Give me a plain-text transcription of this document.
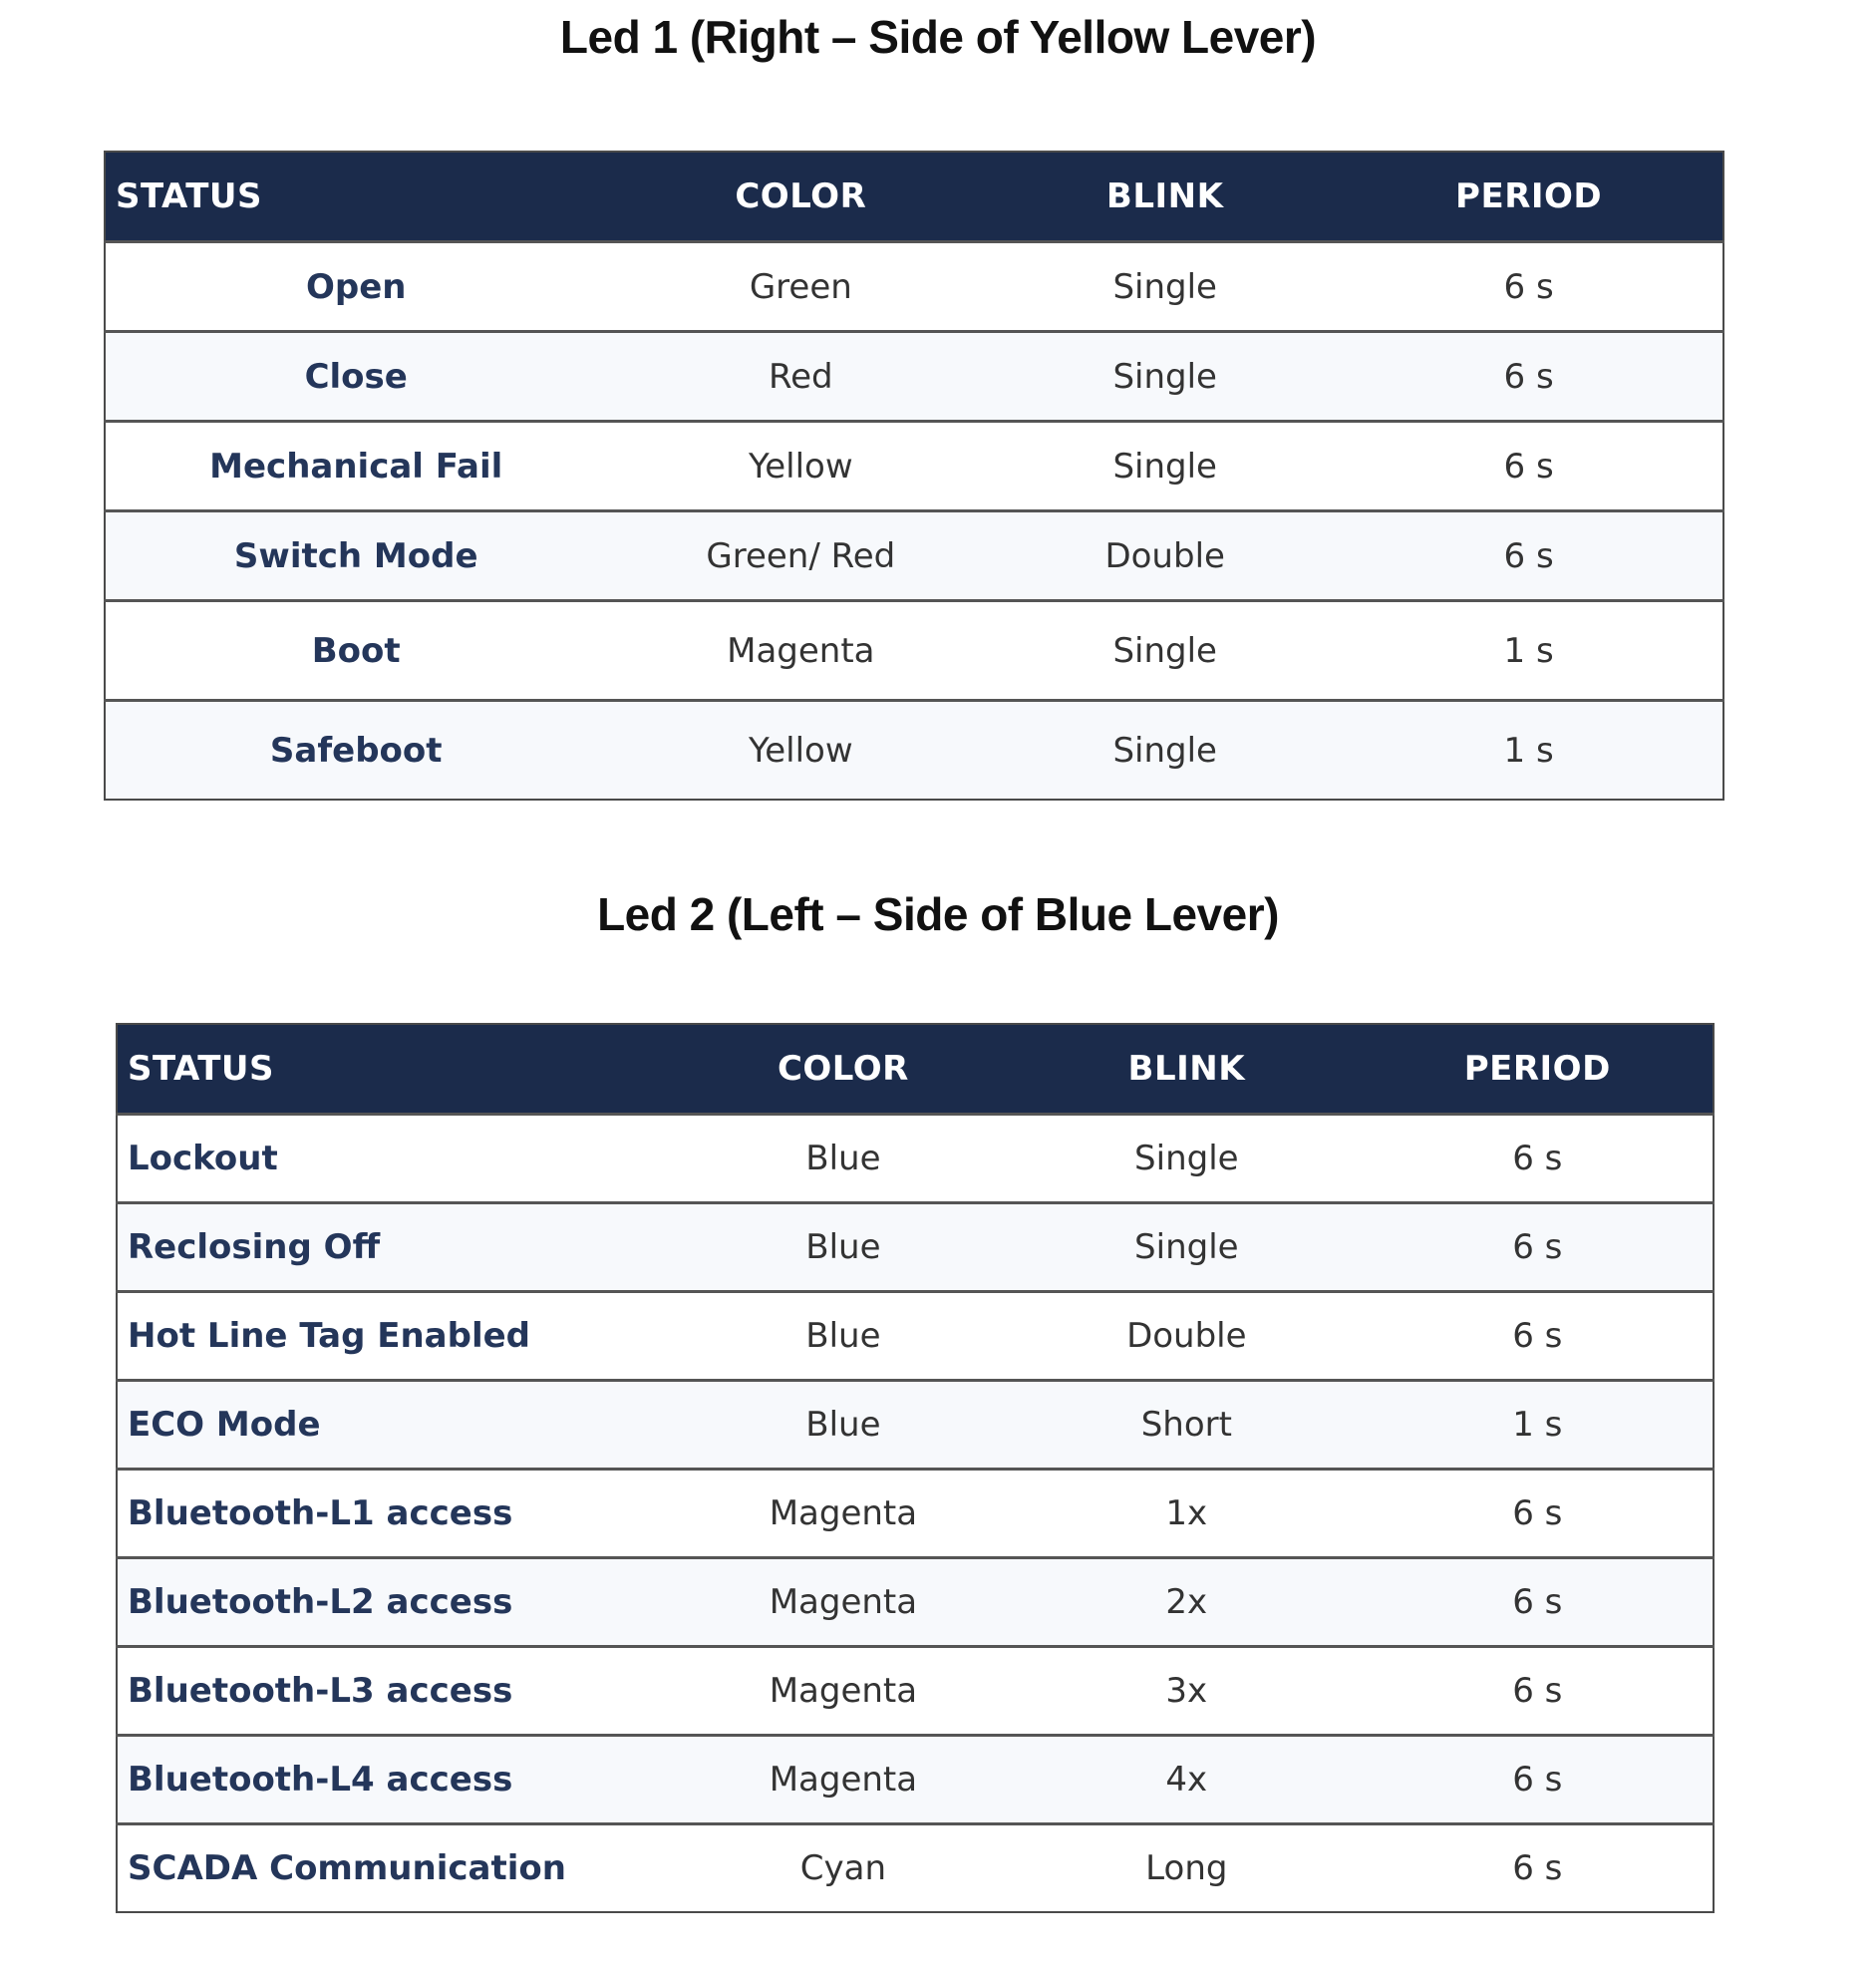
Led 1 (Right – Side of Yellow Lever)
STATUS	COLOR	BLINK	PERIOD
Open	Green	Single	6 s
Close	Red	Single	6 s
Mechanical Fail	Yellow	Single	6 s
Switch Mode	Green/ Red	Double	6 s
Boot	Magenta	Single	1 s
Safeboot	Yellow	Single	1 s
Led 2 (Left – Side of Blue Lever)
STATUS	COLOR	BLINK	PERIOD
Lockout	Blue	Single	6 s
Reclosing Off	Blue	Single	6 s
Hot Line Tag Enabled	Blue	Double	6 s
ECO Mode	Blue	Short	1 s
Bluetooth-L1 access	Magenta	1x	6 s
Bluetooth-L2 access	Magenta	2x	6 s
Bluetooth-L3 access	Magenta	3x	6 s
Bluetooth-L4 access	Magenta	4x	6 s
SCADA Communication	Cyan	Long	6 s
